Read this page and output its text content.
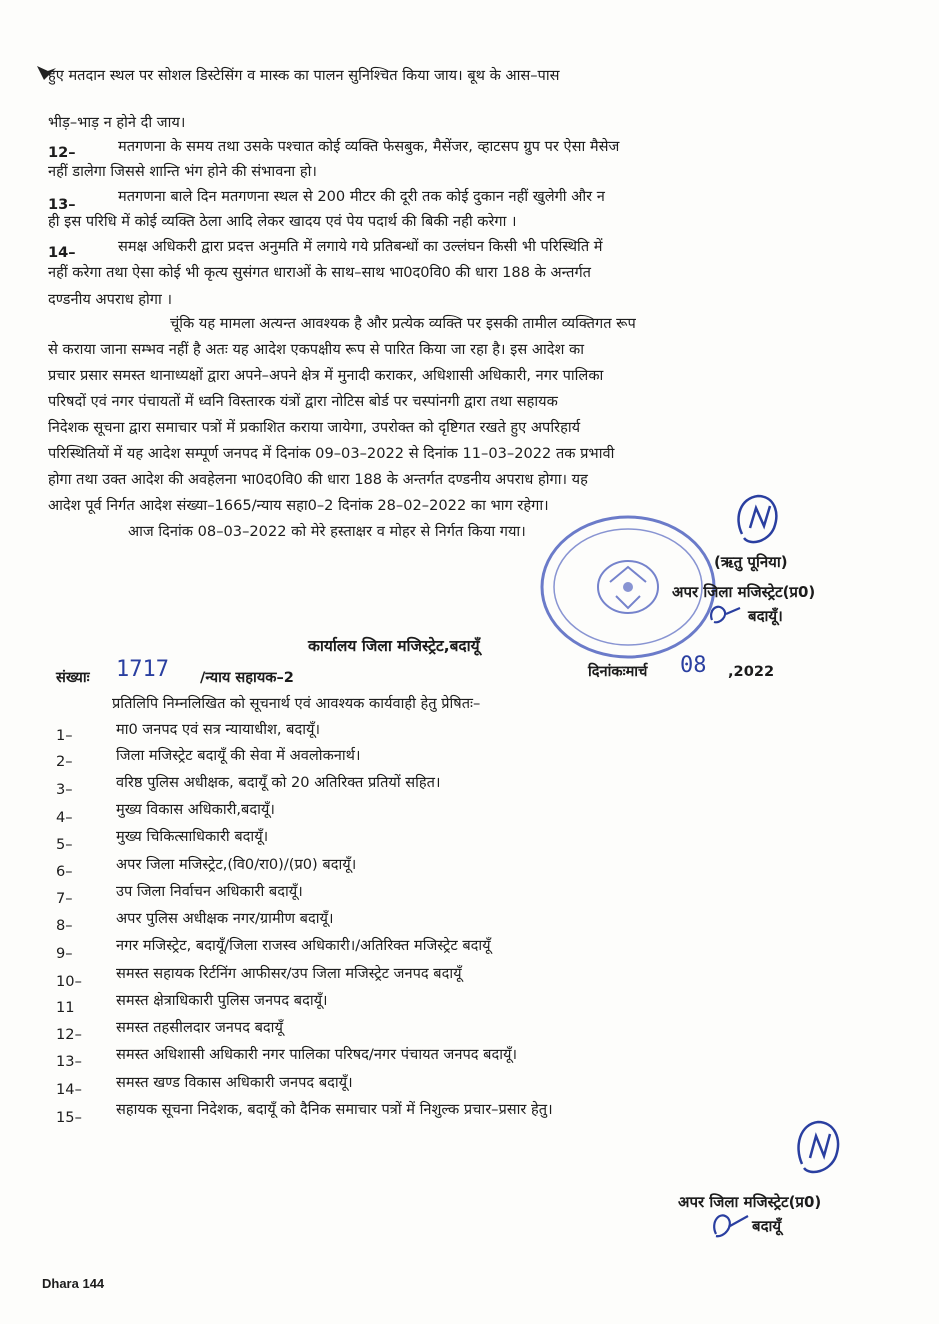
हुए मतदान स्थल पर सोशल डिस्टेसिंग व मास्क का पालन सुनिश्चित किया जाय। बूथ के आस–पास
भीड़–भाड़ न होने दी जाय।
12–	मतगणना के समय तथा उसके पश्चात कोई व्यक्ति फेसबुक, मैसेंजर, व्हाटसप ग्रुप पर ऐसा मैसेज
नहीं डालेगा जिससे शान्ति भंग होने की संभावना हो।
13–	मतगणना बाले दिन मतगणना स्थल से 200 मीटर की दूरी तक कोई दुकान नहीं खुलेगी और न
ही इस परिधि में कोई व्यक्ति ठेला आदि लेकर खादय एवं पेय पदार्थ की बिकी नही करेगा ।
14–	समक्ष अधिकरी द्वारा प्रदत्त अनुमति में लगाये गये प्रतिबन्धों का उल्लंघन किसी भी परिस्थिति में
नहीं करेगा तथा ऐसा कोई भी कृत्य सुसंगत धाराओं के साथ–साथ भा0द0वि0 की धारा 188 के अन्तर्गत
दण्डनीय अपराध होगा ।
चूंकि यह मामला अत्यन्त आवश्यक है और प्रत्येक व्यक्ति पर इसकी तामील व्यक्तिगत रूप
से कराया जाना सम्भव नहीं है अतः यह आदेश एकपक्षीय रूप से पारित किया जा रहा है। इस आदेश का
प्रचार प्रसार समस्त थानाध्यक्षों द्वारा अपने–अपने क्षेत्र में मुनादी कराकर, अधिशासी अधिकारी, नगर पालिका
परिषदों एवं नगर पंचायतों में ध्वनि विस्तारक यंत्रों द्वारा नोटिस बोर्ड पर चस्पांनगी द्वारा तथा सहायक
निदेशक सूचना द्वारा समाचार पत्रों में प्रकाशित कराया जायेगा, उपरोक्त को दृष्टिगत रखते हुए अपरिहार्य
परिस्थितियों में यह आदेश सम्पूर्ण जनपद में दिनांक 09–03–2022 से दिनांक 11–03–2022 तक प्रभावी
होगा तथा उक्त आदेश की अवहेलना भा0द0वि0 की धारा 188 के अन्तर्गत दण्डनीय अपराध होगा। यह
आदेश पूर्व निर्गत आदेश संख्या–1665/न्याय सहा0–2 दिनांक 28–02–2022 का भाग रहेगा।
आज दिनांक 08–03–2022 को मेरे हस्ताक्षर व मोहर से निर्गत किया गया।
(ऋतु पूनिया)
अपर जिला मजिस्ट्रेट(प्र0)
बदायूँ।
कार्यालय जिला मजिस्ट्रेट,बदायूँ
संख्याः 1717 /न्याय सहायक–2	दिनांकःमार्च 08 ,2022
प्रतिलिपि निम्नलिखित को सूचनार्थ एवं आवश्यक कार्यवाही हेतु प्रेषितः–
1–	मा0 जनपद एवं सत्र न्यायाधीश, बदायूँ।
2–	जिला मजिस्ट्रेट बदायूँ की सेवा में अवलोकनार्थ।
3–	वरिष्ठ पुलिस अधीक्षक, बदायूँ को 20 अतिरिक्त प्रतियों सहित।
4–	मुख्य विकास अधिकारी,बदायूँ।
5–	मुख्य चिकित्साधिकारी बदायूँ।
6–	अपर जिला मजिस्ट्रेट,(वि0/रा0)/(प्र0) बदायूँ।
7–	उप जिला निर्वाचन अधिकारी बदायूँ।
8–	अपर पुलिस अधीक्षक नगर/ग्रामीण बदायूँ।
9–	नगर मजिस्ट्रेट, बदायूँ/जिला राजस्व अधिकारी।/अतिरिक्त मजिस्ट्रेट बदायूँ
10– समस्त सहायक रिर्टनिंग आफीसर/उप जिला मजिस्ट्रेट जनपद बदायूँ
11	समस्त क्षेत्राधिकारी पुलिस जनपद बदायूँ।
12– समस्त तहसीलदार जनपद बदायूँ
13– समस्त अधिशासी अधिकारी नगर पालिका परिषद/नगर पंचायत जनपद बदायूँ।
14– समस्त खण्ड विकास अधिकारी जनपद बदायूँ।
15– सहायक सूचना निदेशक, बदायूँ को दैनिक समाचार पत्रों में निशुल्क प्रचार–प्रसार हेतु।
अपर जिला मजिस्ट्रेट(प्र0)
बदायूँ
Dhara 144
